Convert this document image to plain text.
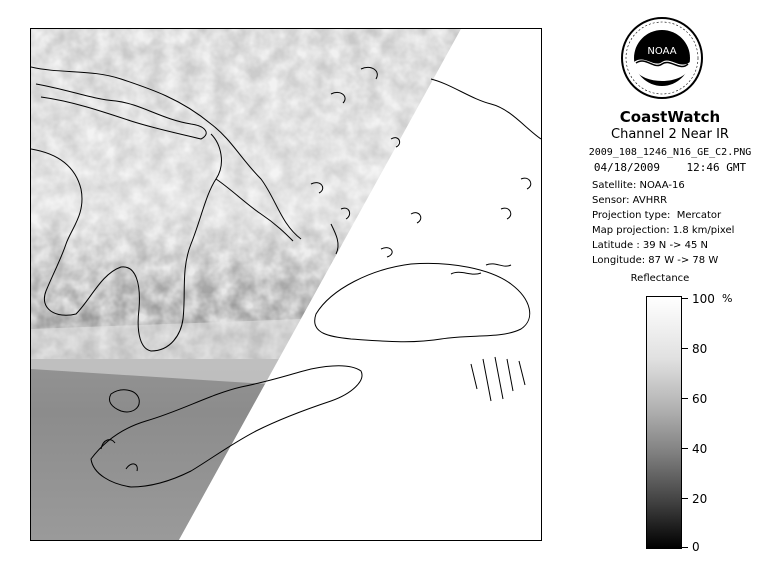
NOAA
CoastWatch
Channel 2 Near IR
2009_108_1246_N16_GE_C2.PNG
04/18/2009    12:46 GMT
Satellite: NOAA-16
Sensor: AVHRR
Projection type:  Mercator
Map projection: 1.8 km/pixel
Latitude : 39 N -> 45 N
Longitude: 87 W -> 78 W
Reflectance
%
100
80
60
40
20
0
